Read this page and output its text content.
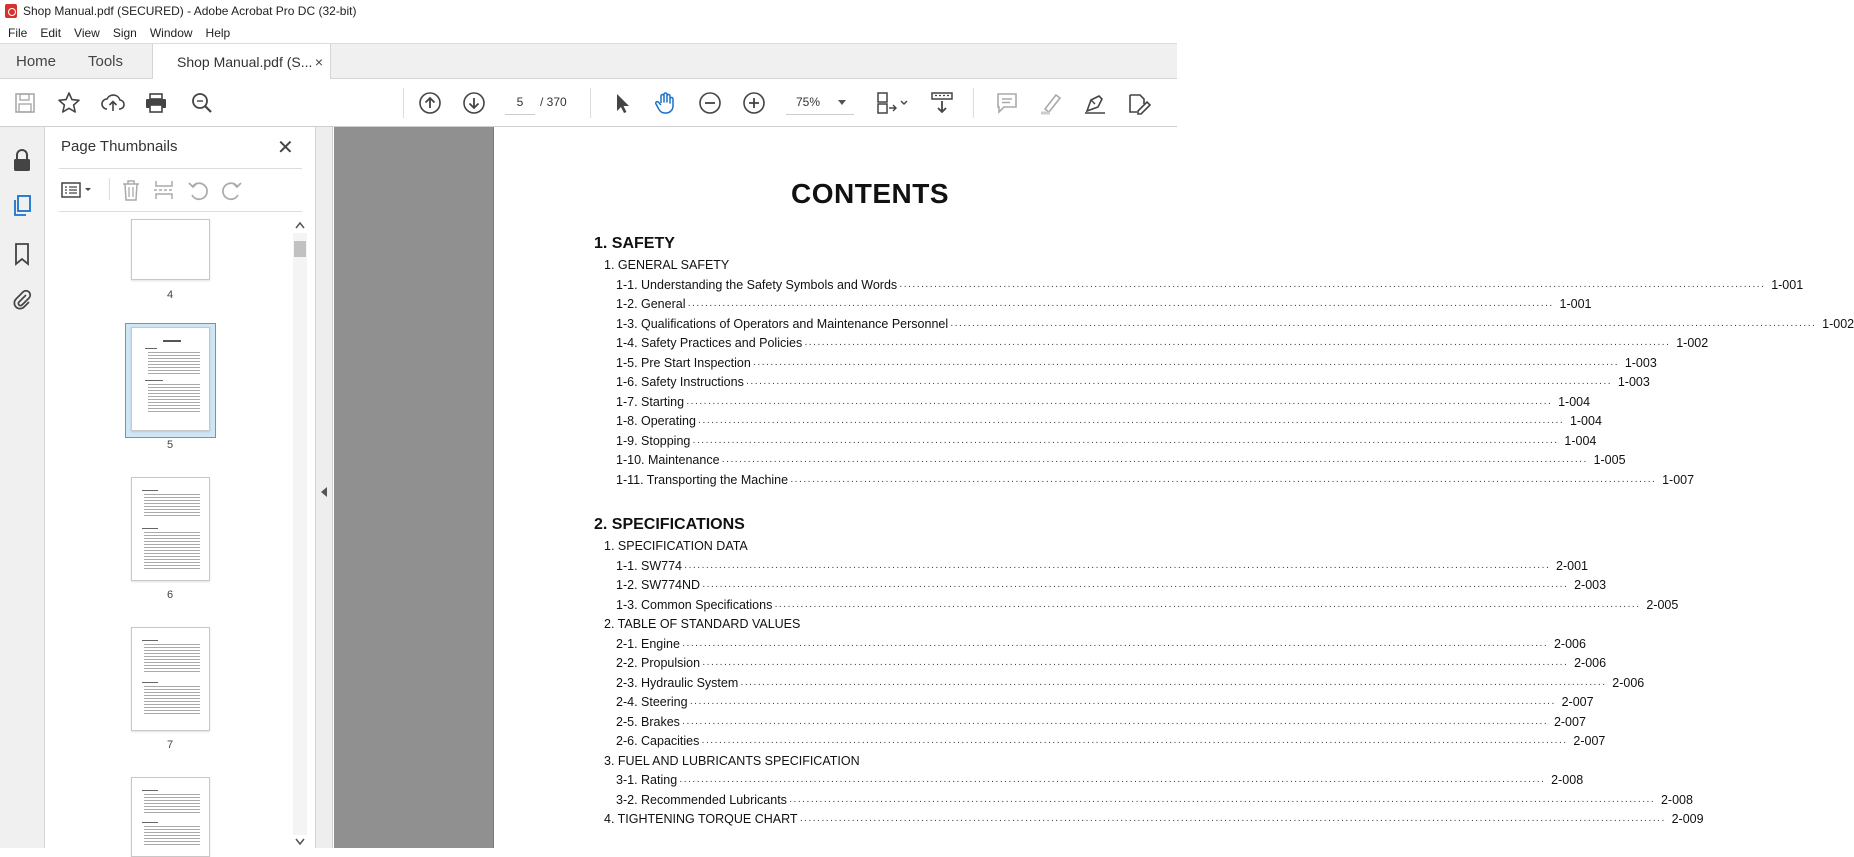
Shop Manual.pdf (SECURED) - Adobe Acrobat Pro DC (32-bit)
File	Edit	View	Sign	Window	Help
Home Tools	Shop Manual.pdf (S... ×
5	/ 370	75%
Page Thumbnails	✕
4
5
6
7
CONTENTS
1. SAFETY
1. GENERAL SAFETY
1-1. Understanding the Safety Symbols and Words ········································································································································································································ 1-001
1-2. General ········································································································································································································ 1-001
1-3. Qualifications of Operators and Maintenance Personnel ········································································································································································································ 1-002
1-4. Safety Practices and Policies ········································································································································································································ 1-002
1-5. Pre Start Inspection ········································································································································································································ 1-003
1-6. Safety Instructions ········································································································································································································ 1-003
1-7. Starting ········································································································································································································ 1-004
1-8. Operating ········································································································································································································ 1-004
1-9. Stopping ········································································································································································································ 1-004
1-10. Maintenance ········································································································································································································ 1-005
1-11. Transporting the Machine ········································································································································································································ 1-007
2. SPECIFICATIONS
1. SPECIFICATION DATA
1-1. SW774 ········································································································································································································ 2-001
1-2. SW774ND ········································································································································································································ 2-003
1-3. Common Specifications ········································································································································································································ 2-005
2. TABLE OF STANDARD VALUES
2-1. Engine ········································································································································································································ 2-006
2-2. Propulsion ········································································································································································································ 2-006
2-3. Hydraulic System ········································································································································································································ 2-006
2-4. Steering ········································································································································································································ 2-007
2-5. Brakes ········································································································································································································ 2-007
2-6. Capacities ········································································································································································································ 2-007
3. FUEL AND LUBRICANTS SPECIFICATION
3-1. Rating ········································································································································································································ 2-008
3-2. Recommended Lubricants ········································································································································································································ 2-008
4. TIGHTENING TORQUE CHART ········································································································································································································ 2-009
